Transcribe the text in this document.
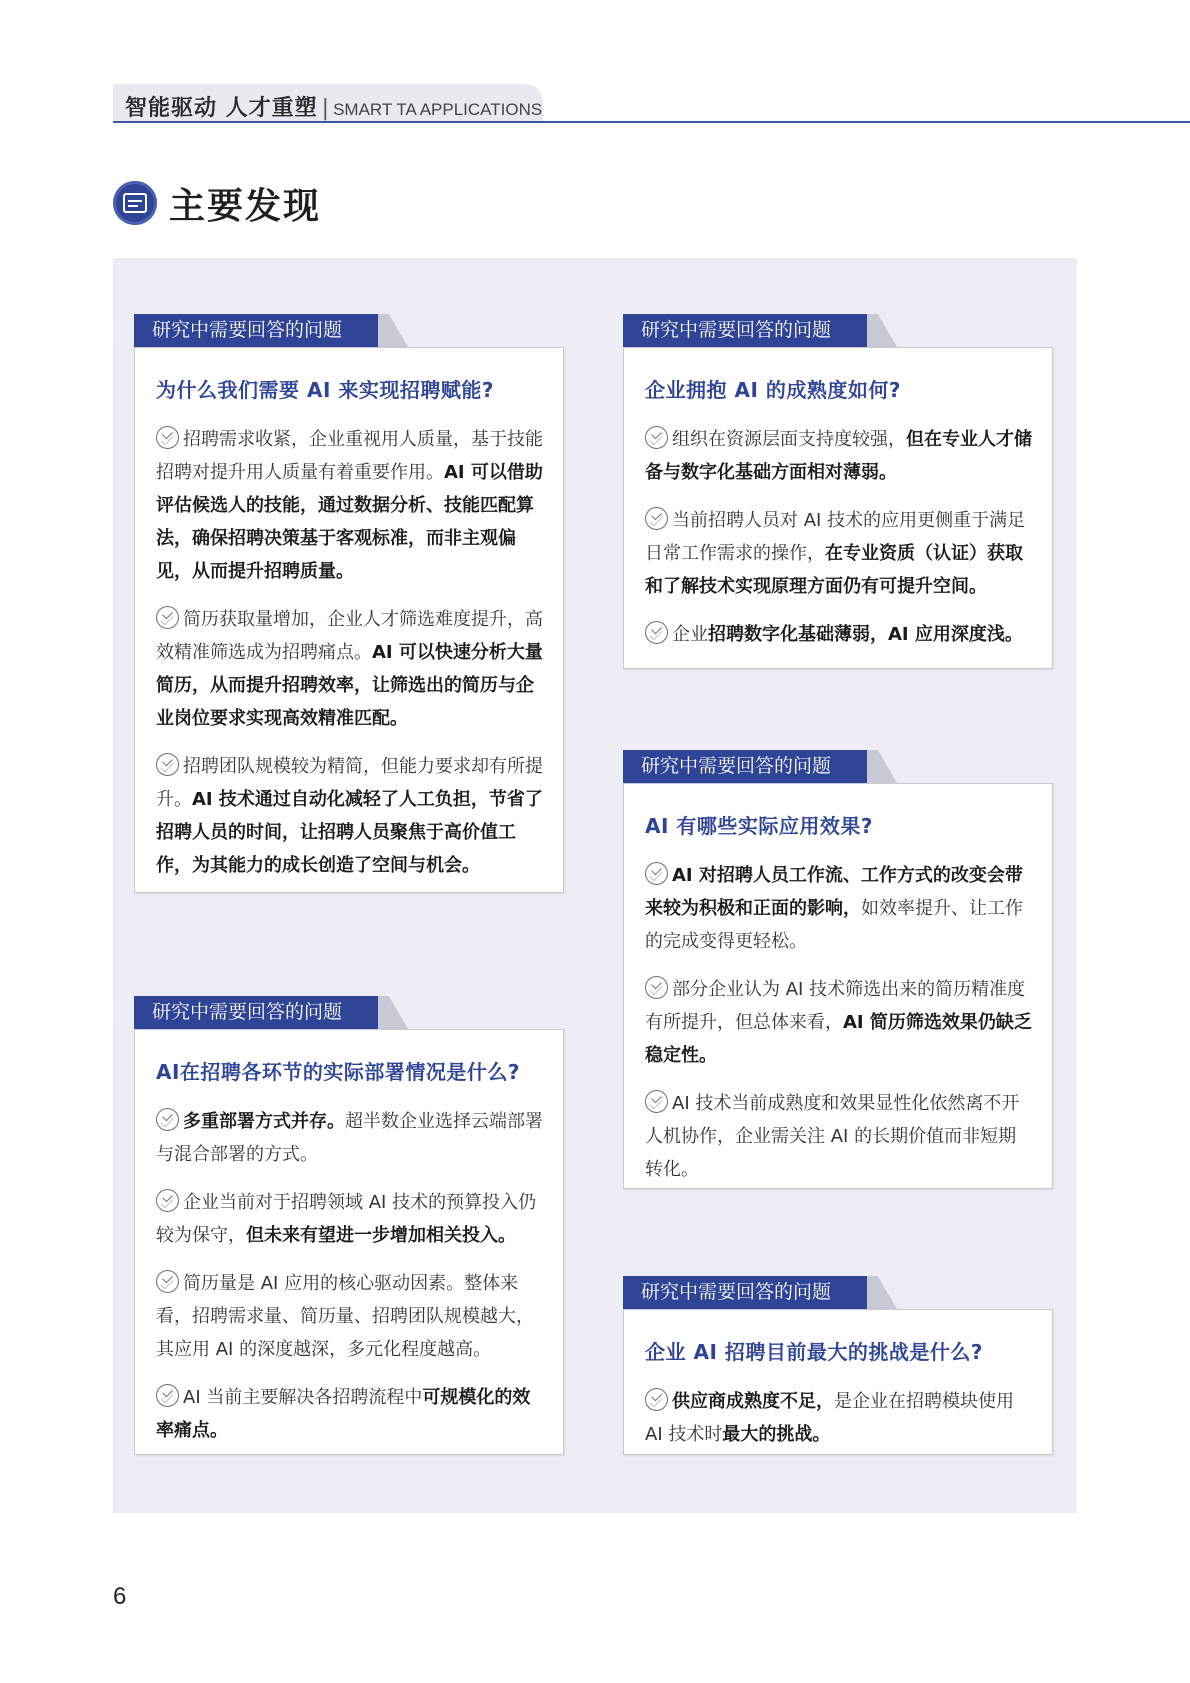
智能驱动 人才重塑 | SMART TA APPLICATIONS
主要发现
研究中需要回答的问题
为什么我们需要 AI 来实现招聘赋能?
招聘需求收紧，企业重视用人质量，基于技能招聘对提升用人质量有着重要作用。AI 可以借助评估候选人的技能，通过数据分析、技能匹配算法，确保招聘决策基于客观标准，而非主观偏见，从而提升招聘质量。
简历获取量增加，企业人才筛选难度提升，高效精准筛选成为招聘痛点。AI 可以快速分析大量简历，从而提升招聘效率，让筛选出的简历与企业岗位要求实现高效精准匹配。
招聘团队规模较为精简，但能力要求却有所提升。AI 技术通过自动化减轻了人工负担，节省了招聘人员的时间，让招聘人员聚焦于高价值工作，为其能力的成长创造了空间与机会。
研究中需要回答的问题
企业拥抱 AI 的成熟度如何?
组织在资源层面支持度较强，但在专业人才储备与数字化基础方面相对薄弱。
当前招聘人员对 AI 技术的应用更侧重于满足日常工作需求的操作，在专业资质（认证）获取和了解技术实现原理方面仍有可提升空间。
企业招聘数字化基础薄弱，AI 应用深度浅。
研究中需要回答的问题
AI 有哪些实际应用效果?
AI 对招聘人员工作流、工作方式的改变会带来较为积极和正面的影响，如效率提升、让工作的完成变得更轻松。
部分企业认为 AI 技术筛选出来的简历精准度有所提升，但总体来看，AI 简历筛选效果仍缺乏稳定性。
AI 技术当前成熟度和效果显性化依然离不开人机协作，企业需关注 AI 的长期价值而非短期转化。
研究中需要回答的问题
AI在招聘各环节的实际部署情况是什么?
多重部署方式并存。超半数企业选择云端部署与混合部署的方式。
企业当前对于招聘领域 AI 技术的预算投入仍较为保守，但未来有望进一步增加相关投入。
简历量是 AI 应用的核心驱动因素。整体来看，招聘需求量、简历量、招聘团队规模越大，其应用 AI 的深度越深，多元化程度越高。
AI 当前主要解决各招聘流程中可规模化的效率痛点。
研究中需要回答的问题
企业 AI 招聘目前最大的挑战是什么?
供应商成熟度不足，是企业在招聘模块使用 AI 技术时最大的挑战。
6
